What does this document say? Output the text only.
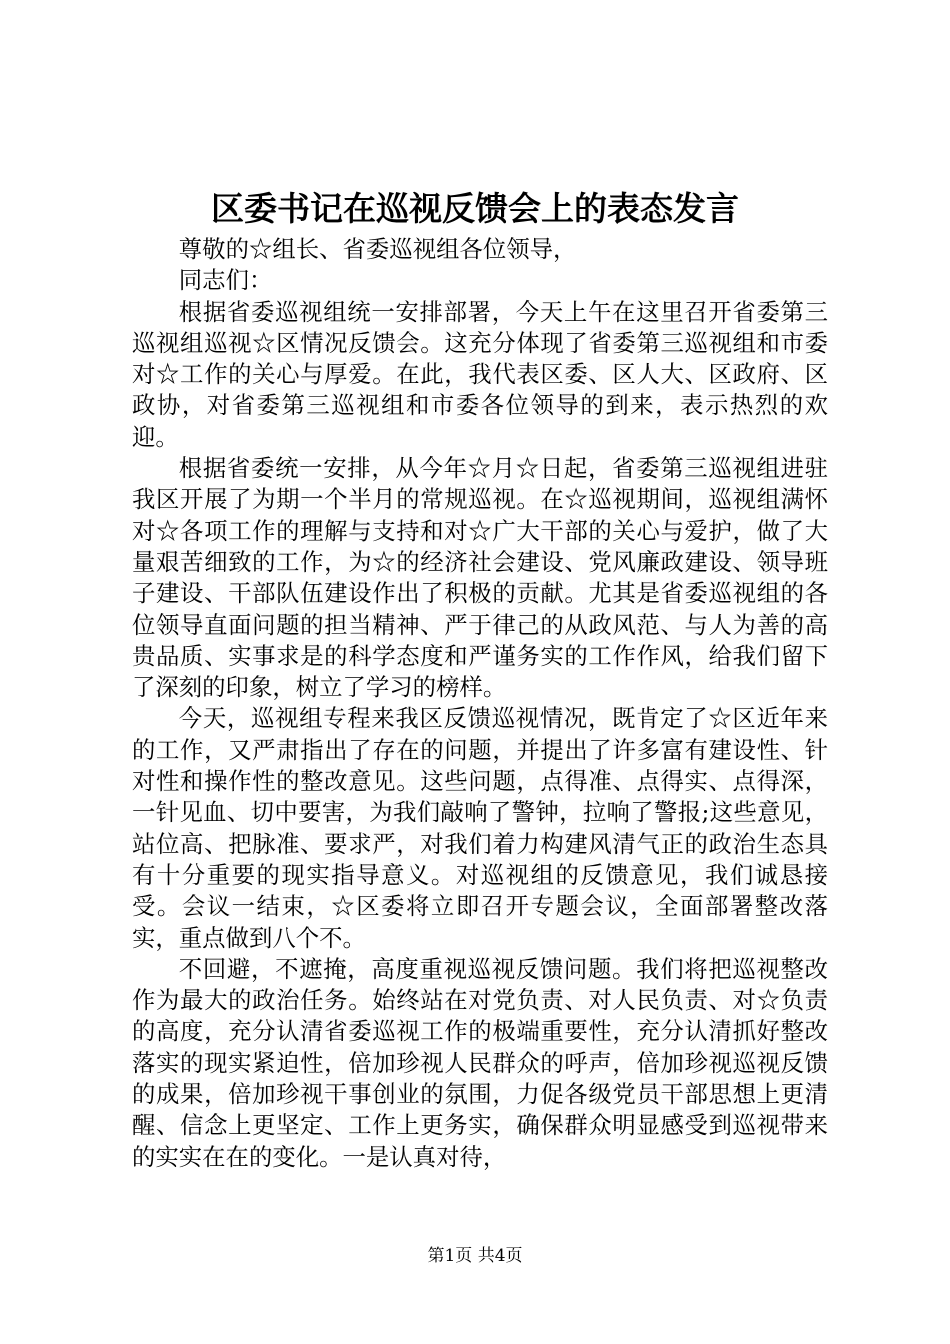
区委书记在巡视反馈会上的表态发言

尊敬的☆组长、省委巡视组各位领导，

同志们：

根据省委巡视组统一安排部署，今天上午在这里召开省委第三巡视组巡视☆区情况反馈会。这充分体现了省委第三巡视组和市委对☆工作的关心与厚爱。在此，我代表区委、区人大、区政府、区政协，对省委第三巡视组和市委各位领导的到来，表示热烈的欢迎。

根据省委统一安排，从今年☆月☆日起，省委第三巡视组进驻我区开展了为期一个半月的常规巡视。在☆巡视期间，巡视组满怀对☆各项工作的理解与支持和对☆广大干部的关心与爱护，做了大量艰苦细致的工作，为☆的经济社会建设、党风廉政建设、领导班子建设、干部队伍建设作出了积极的贡献。尤其是省委巡视组的各位领导直面问题的担当精神、严于律己的从政风范、与人为善的高贵品质、实事求是的科学态度和严谨务实的工作作风，给我们留下了深刻的印象，树立了学习的榜样。

今天，巡视组专程来我区反馈巡视情况，既肯定了☆区近年来的工作，又严肃指出了存在的问题，并提出了许多富有建设性、针对性和操作性的整改意见。这些问题，点得准、点得实、点得深，一针见血、切中要害，为我们敲响了警钟，拉响了警报;这些意见，站位高、把脉准、要求严，对我们着力构建风清气正的政治生态具有十分重要的现实指导意义。对巡视组的反馈意见，我们诚恳接受。会议一结束，☆区委将立即召开专题会议，全面部署整改落实，重点做到八个不。

不回避，不遮掩，高度重视巡视反馈问题。我们将把巡视整改作为最大的政治任务。始终站在对党负责、对人民负责、对☆负责的高度，充分认清省委巡视工作的极端重要性，充分认清抓好整改落实的现实紧迫性，倍加珍视人民群众的呼声，倍加珍视巡视反馈的成果，倍加珍视干事创业的氛围，力促各级党员干部思想上更清醒、信念上更坚定、工作上更务实，确保群众明显感受到巡视带来的实实在在的变化。一是认真对待，

第1页 共4页
